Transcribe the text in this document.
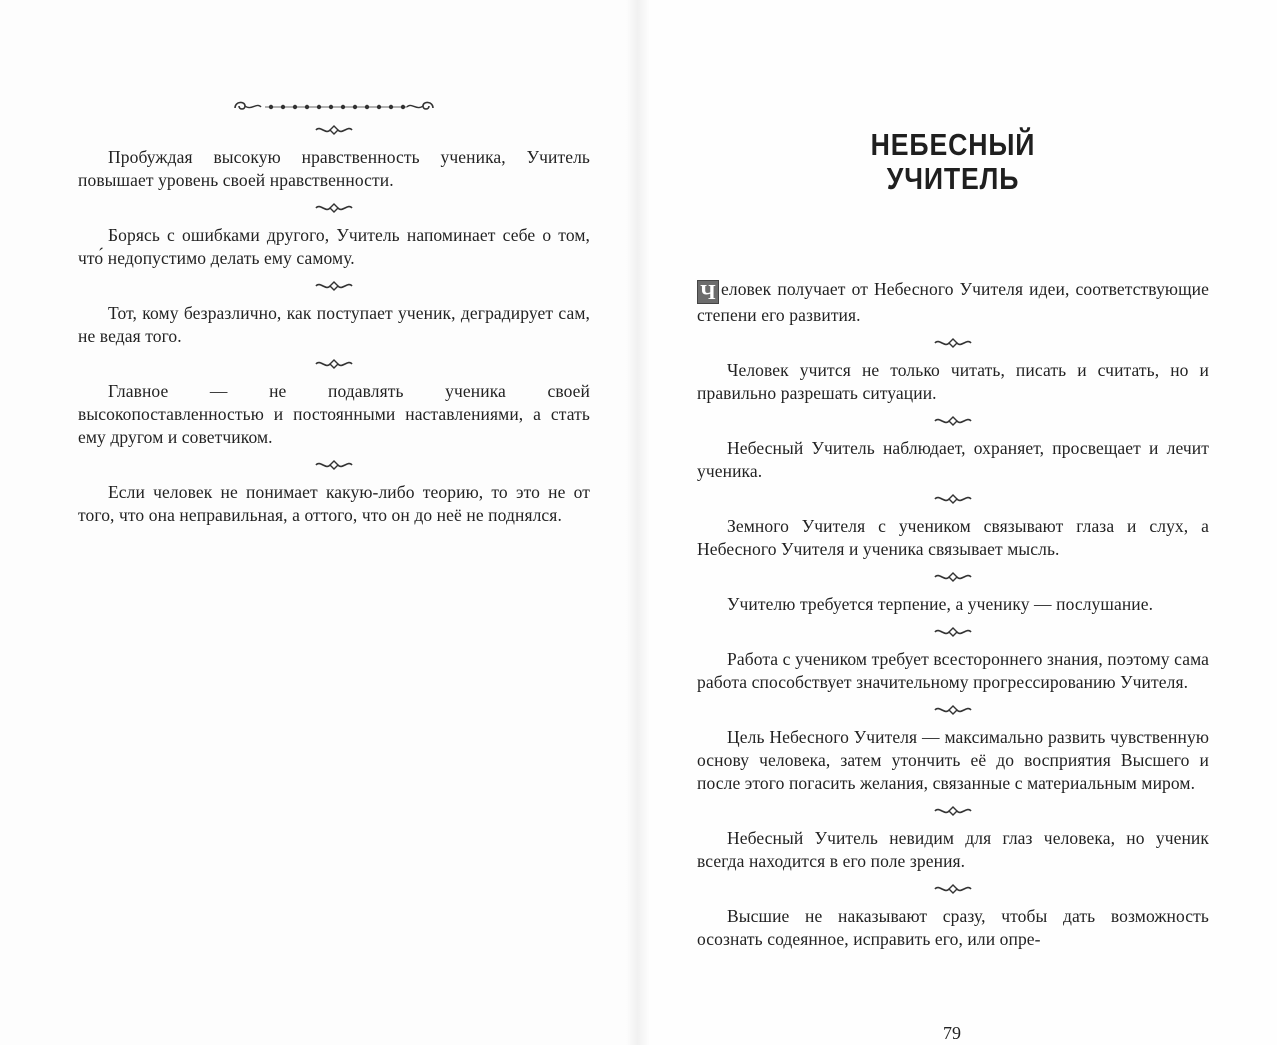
Пробуждая высокую нравственность ученика, Учитель повышает уровень своей нравственности.

Борясь с ошибками другого, Учитель напоминает себе о том, что́ недопустимо делать ему самому.

Тот, кому безразлично, как поступает ученик, деградирует сам, не ведая того.

Главное — не подавлять ученика своей высокопоставленностью и постоянными наставлениями, а стать ему другом и советчиком.

Если человек не понимает какую-либо теорию, то это не от того, что она неправильная, а оттого, что он до неё не поднялся.

НЕБЕСНЫЙ
УЧИТЕЛЬ

Ч еловек получает от Небесного Учителя идеи, соответствующие степени его развития.

Человек учится не только читать, писать и считать, но и правильно разрешать ситуации.

Небесный Учитель наблюдает, охраняет, просвещает и лечит ученика.

Земного Учителя с учеником связывают глаза и слух, а Небесного Учителя и ученика связывает мысль.

Учителю требуется терпение, а ученику — послушание.

Работа с учеником требует всестороннего знания, поэтому сама работа способствует значительному прогрессированию Учителя.

Цель Небесного Учителя — максимально развить чувственную основу человека, затем утончить её до восприятия Высшего и после этого погасить желания, связанные с материальным миром.

Небесный Учитель невидим для глаз человека, но ученик всегда находится в его поле зрения.

Высшие не наказывают сразу, чтобы дать возможность осознать содеянное, исправить его, или опре-

79
